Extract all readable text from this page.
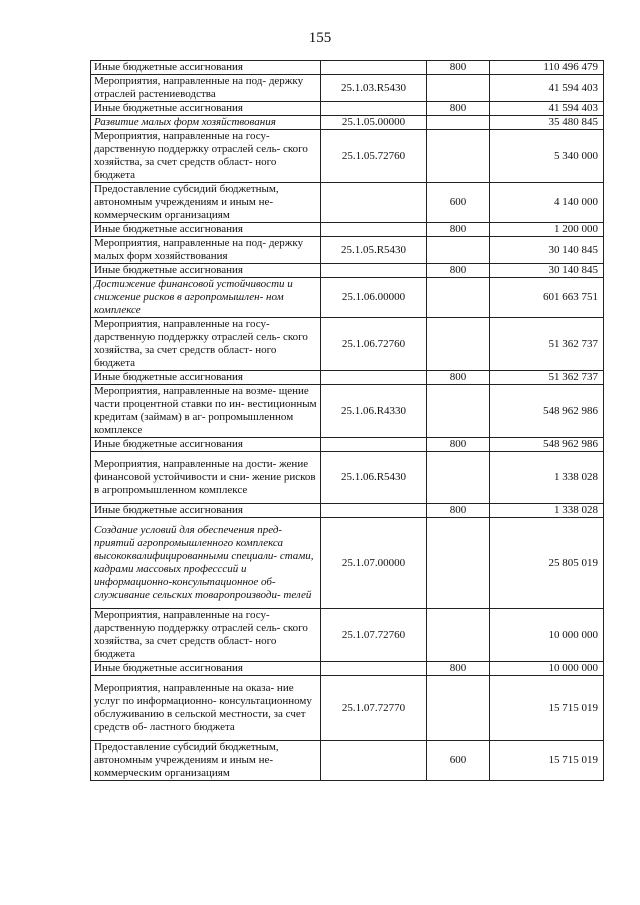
155
Иные бюджетные ассигнования		800	110 496 479
Мероприятия, направленные на под- держку отраслей растениеводства	25.1.03.R5430		41 594 403
Иные бюджетные ассигнования		800	41 594 403
Развитие малых форм хозяйствования	25.1.05.00000		35 480 845
Мероприятия, направленные на госу- дарственную поддержку отраслей сель- ского хозяйства, за счет средств област- ного бюджета	25.1.05.72760		5 340 000
Предоставление субсидий бюджетным, автономным учреждениям и иным не- коммерческим организациям		600	4 140 000
Иные бюджетные ассигнования		800	1 200 000
Мероприятия, направленные на под- держку малых форм хозяйствования	25.1.05.R5430		30 140 845
Иные бюджетные ассигнования		800	30 140 845
Достижение финансовой устойчивости и снижение рисков в агропромышлен- ном комплексе	25.1.06.00000		601 663 751
Мероприятия, направленные на госу- дарственную поддержку отраслей сель- ского хозяйства, за счет средств област- ного бюджета	25.1.06.72760		51 362 737
Иные бюджетные ассигнования		800	51 362 737
Мероприятия, направленные на возме- щение части процентной ставки по ин- вестиционным кредитам (займам) в аг- ропромышленном комплексе	25.1.06.R4330		548 962 986
Иные бюджетные ассигнования		800	548 962 986
Мероприятия, направленные на дости- жение финансовой устойчивости и сни- жение рисков в агропромышленном комплексе	25.1.06.R5430		1 338 028
Иные бюджетные ассигнования		800	1 338 028
Создание условий для обеспечения пред- приятий агропромышленного комплекса высококвалифицированными специали- стами, кадрами массовых професссий и информационно-консультационное об- служивание сельских товаропроизводи- телей	25.1.07.00000		25 805 019
Мероприятия, направленные на госу- дарственную поддержку отраслей сель- ского хозяйства, за счет средств област- ного бюджета	25.1.07.72760		10 000 000
Иные бюджетные ассигнования		800	10 000 000
Мероприятия, направленные на оказа- ние услуг по информационно- консультационному обслуживанию в сельской местности, за счет средств об- ластного бюджета	25.1.07.72770		15 715 019
Предоставление субсидий бюджетным, автономным учреждениям и иным не- коммерческим организациям		600	15 715 019
